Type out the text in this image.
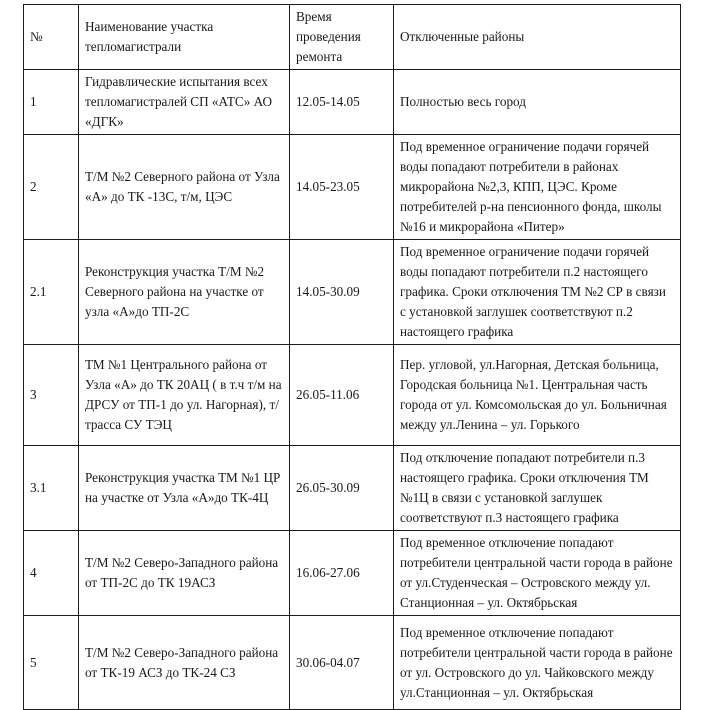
№	Наименование участка тепломагистрали	Время проведения ремонта	Отключенные районы
1	Гидравлические испытания всех тепломагистралей СП «АТС» АО «ДГК»	12.05-14.05	Полностью весь город
2	Т/М №2 Северного района от Узла «А» до ТК -13С, т/м, ЦЭС	14.05-23.05	Под временное ограничение подачи горячей воды попадают потребители в районах микрорайона №2,3, КПП, ЦЭС. Кроме потребителей р-на пенсионного фонда, школы №16 и микрорайона «Питер»
2.1	Реконструкция участка Т/М №2 Северного района на участке от узла «А»до ТП-2С	14.05-30.09	Под временное ограничение подачи горячей воды попадают потребители п.2 настоящего графика. Сроки отключения ТМ №2 СР в связи с установкой заглушек соответствуют п.2 настоящего графика
3	ТМ №1 Центрального района от Узла «А» до ТК 20АЦ ( в т.ч т/м на ДРСУ от ТП-1 до ул. Нагорная), т/трасса СУ ТЭЦ	26.05-11.06	Пер. угловой, ул.Нагорная, Детская больница, Городская больница №1. Центральная часть города от ул. Комсомольская до ул. Больничная между ул.Ленина – ул. Горького
3.1	Реконструкция участка ТМ №1 ЦР на участке от Узла «А»до ТК-4Ц	26.05-30.09	Под отключение попадают потребители п.3 настоящего графика. Сроки отключения ТМ №1Ц в связи с установкой заглушек соответствуют п.3 настоящего графика
4	Т/М №2 Северо-Западного района от ТП-2С до ТК 19АСЗ	16.06-27.06	Под временное отключение попадают потребители центральной части города в районе от ул.Студенческая – Островского между ул. Станционная – ул. Октябрьская
5	Т/М №2 Северо-Западного района от ТК-19 АСЗ до ТК-24 СЗ	30.06-04.07	Под временное отключение попадают потребители центральной части города в районе от ул. Островского до ул. Чайковского между ул.Станционная – ул. Октябрьская
